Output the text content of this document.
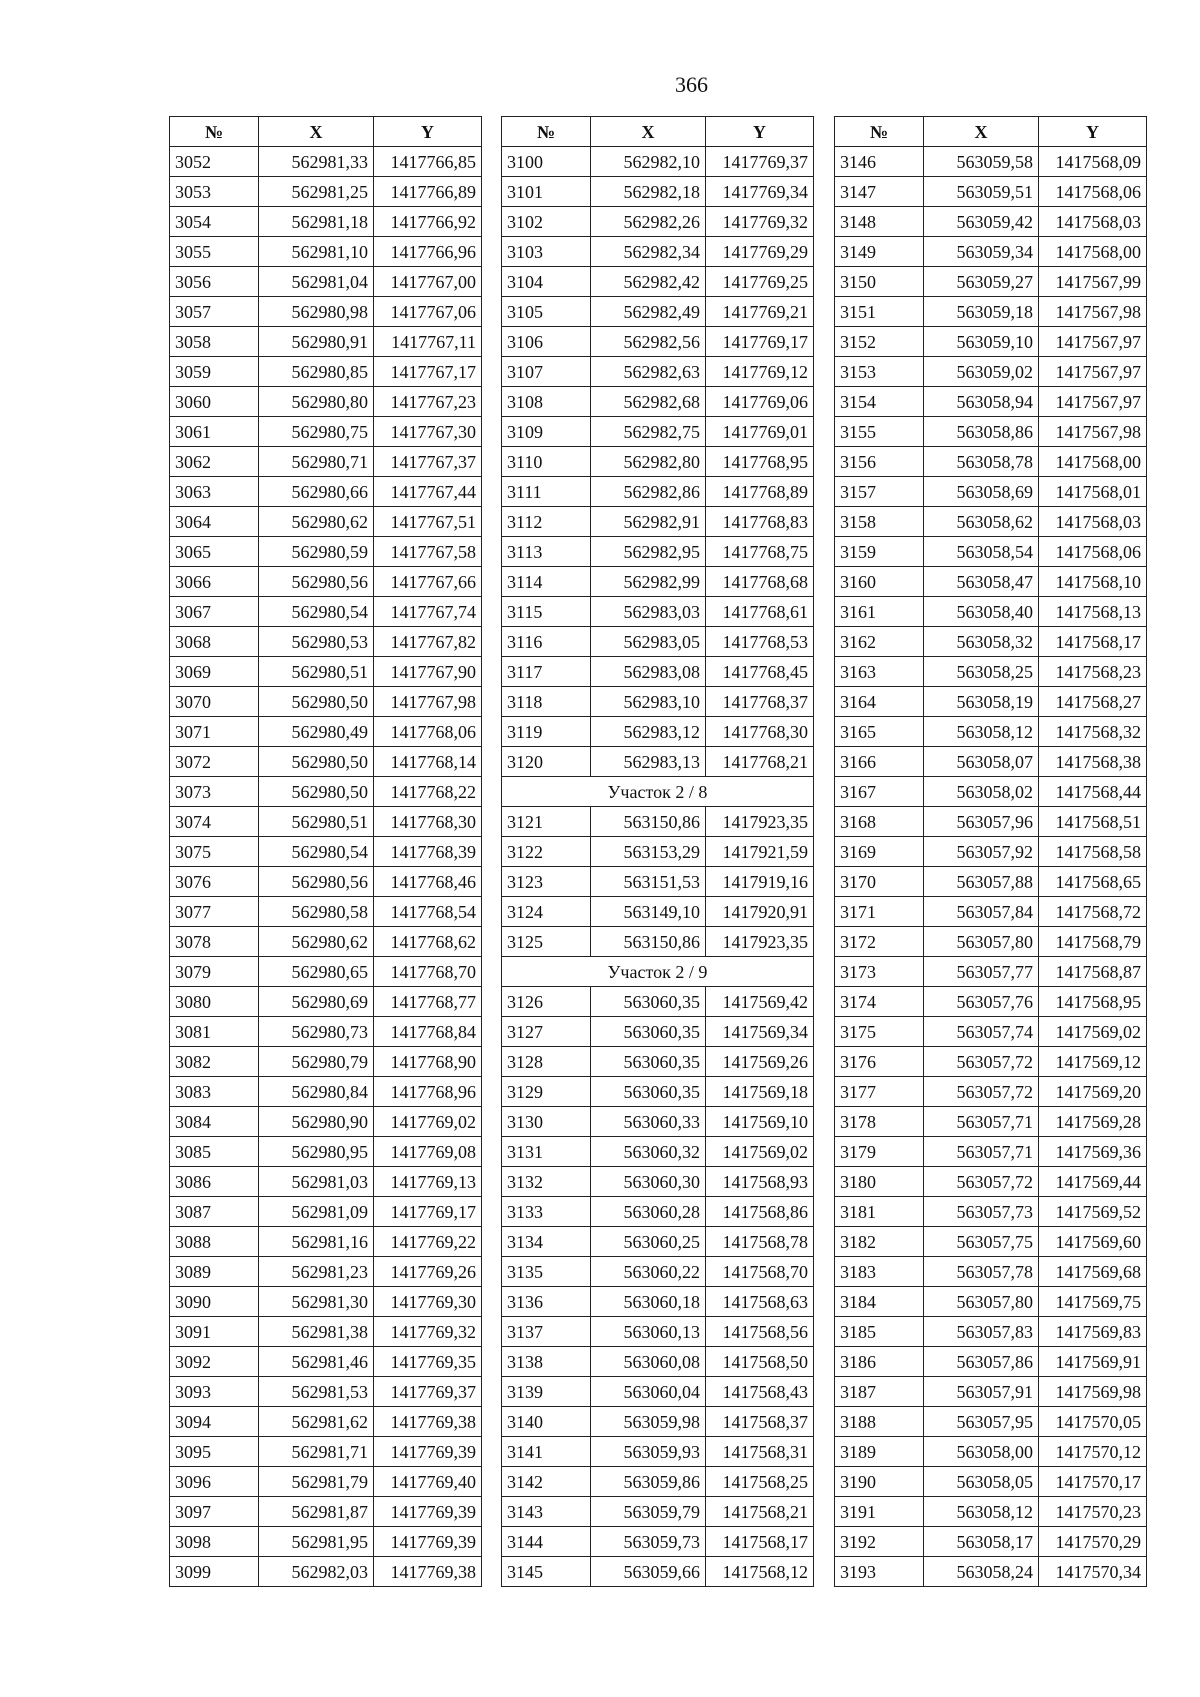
366
№	X	Y
3052	562981,33	1417766,85
3053	562981,25	1417766,89
3054	562981,18	1417766,92
3055	562981,10	1417766,96
3056	562981,04	1417767,00
3057	562980,98	1417767,06
3058	562980,91	1417767,11
3059	562980,85	1417767,17
3060	562980,80	1417767,23
3061	562980,75	1417767,30
3062	562980,71	1417767,37
3063	562980,66	1417767,44
3064	562980,62	1417767,51
3065	562980,59	1417767,58
3066	562980,56	1417767,66
3067	562980,54	1417767,74
3068	562980,53	1417767,82
3069	562980,51	1417767,90
3070	562980,50	1417767,98
3071	562980,49	1417768,06
3072	562980,50	1417768,14
3073	562980,50	1417768,22
3074	562980,51	1417768,30
3075	562980,54	1417768,39
3076	562980,56	1417768,46
3077	562980,58	1417768,54
3078	562980,62	1417768,62
3079	562980,65	1417768,70
3080	562980,69	1417768,77
3081	562980,73	1417768,84
3082	562980,79	1417768,90
3083	562980,84	1417768,96
3084	562980,90	1417769,02
3085	562980,95	1417769,08
3086	562981,03	1417769,13
3087	562981,09	1417769,17
3088	562981,16	1417769,22
3089	562981,23	1417769,26
3090	562981,30	1417769,30
3091	562981,38	1417769,32
3092	562981,46	1417769,35
3093	562981,53	1417769,37
3094	562981,62	1417769,38
3095	562981,71	1417769,39
3096	562981,79	1417769,40
3097	562981,87	1417769,39
3098	562981,95	1417769,39
3099	562982,03	1417769,38
№	X	Y
3100	562982,10	1417769,37
3101	562982,18	1417769,34
3102	562982,26	1417769,32
3103	562982,34	1417769,29
3104	562982,42	1417769,25
3105	562982,49	1417769,21
3106	562982,56	1417769,17
3107	562982,63	1417769,12
3108	562982,68	1417769,06
3109	562982,75	1417769,01
3110	562982,80	1417768,95
3111	562982,86	1417768,89
3112	562982,91	1417768,83
3113	562982,95	1417768,75
3114	562982,99	1417768,68
3115	562983,03	1417768,61
3116	562983,05	1417768,53
3117	562983,08	1417768,45
3118	562983,10	1417768,37
3119	562983,12	1417768,30
3120	562983,13	1417768,21
Участок 2 / 8		
3121	563150,86	1417923,35
3122	563153,29	1417921,59
3123	563151,53	1417919,16
3124	563149,10	1417920,91
3125	563150,86	1417923,35
Участок 2 / 9		
3126	563060,35	1417569,42
3127	563060,35	1417569,34
3128	563060,35	1417569,26
3129	563060,35	1417569,18
3130	563060,33	1417569,10
3131	563060,32	1417569,02
3132	563060,30	1417568,93
3133	563060,28	1417568,86
3134	563060,25	1417568,78
3135	563060,22	1417568,70
3136	563060,18	1417568,63
3137	563060,13	1417568,56
3138	563060,08	1417568,50
3139	563060,04	1417568,43
3140	563059,98	1417568,37
3141	563059,93	1417568,31
3142	563059,86	1417568,25
3143	563059,79	1417568,21
3144	563059,73	1417568,17
3145	563059,66	1417568,12
№	X	Y
3146	563059,58	1417568,09
3147	563059,51	1417568,06
3148	563059,42	1417568,03
3149	563059,34	1417568,00
3150	563059,27	1417567,99
3151	563059,18	1417567,98
3152	563059,10	1417567,97
3153	563059,02	1417567,97
3154	563058,94	1417567,97
3155	563058,86	1417567,98
3156	563058,78	1417568,00
3157	563058,69	1417568,01
3158	563058,62	1417568,03
3159	563058,54	1417568,06
3160	563058,47	1417568,10
3161	563058,40	1417568,13
3162	563058,32	1417568,17
3163	563058,25	1417568,23
3164	563058,19	1417568,27
3165	563058,12	1417568,32
3166	563058,07	1417568,38
3167	563058,02	1417568,44
3168	563057,96	1417568,51
3169	563057,92	1417568,58
3170	563057,88	1417568,65
3171	563057,84	1417568,72
3172	563057,80	1417568,79
3173	563057,77	1417568,87
3174	563057,76	1417568,95
3175	563057,74	1417569,02
3176	563057,72	1417569,12
3177	563057,72	1417569,20
3178	563057,71	1417569,28
3179	563057,71	1417569,36
3180	563057,72	1417569,44
3181	563057,73	1417569,52
3182	563057,75	1417569,60
3183	563057,78	1417569,68
3184	563057,80	1417569,75
3185	563057,83	1417569,83
3186	563057,86	1417569,91
3187	563057,91	1417569,98
3188	563057,95	1417570,05
3189	563058,00	1417570,12
3190	563058,05	1417570,17
3191	563058,12	1417570,23
3192	563058,17	1417570,29
3193	563058,24	1417570,34
